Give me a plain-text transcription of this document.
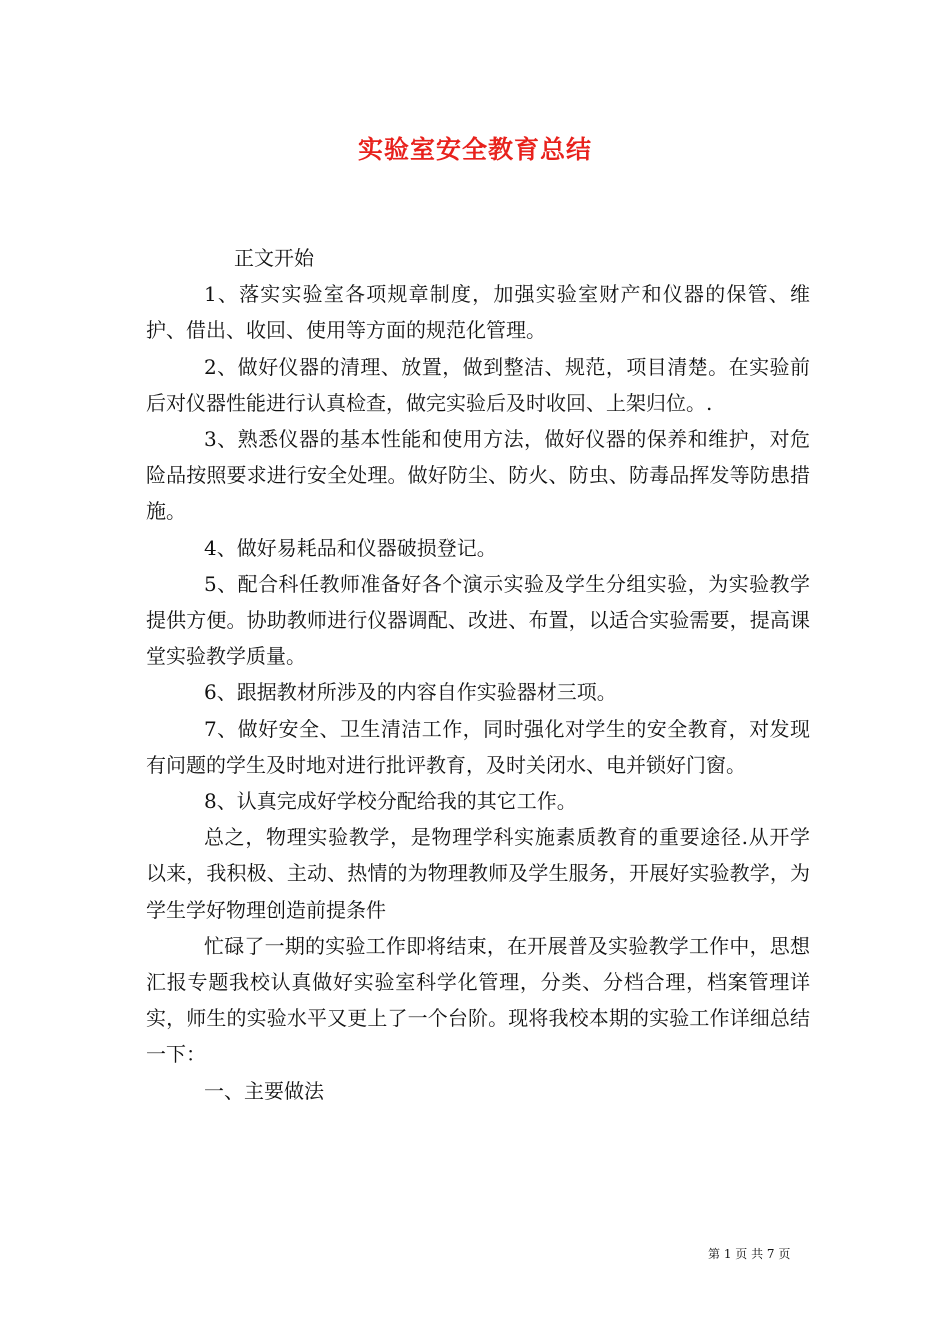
实验室安全教育总结

正文开始

1、落实实验室各项规章制度，加强实验室财产和仪器的保管、维护、借出、收回、使用等方面的规范化管理。

2、做好仪器的清理、放置，做到整洁、规范，项目清楚。在实验前后对仪器性能进行认真检查，做完实验后及时收回、上架归位。.

3、熟悉仪器的基本性能和使用方法，做好仪器的保养和维护，对危险品按照要求进行安全处理。做好防尘、防火、防虫、防毒品挥发等防患措施。

4、做好易耗品和仪器破损登记。

5、配合科任教师准备好各个演示实验及学生分组实验，为实验教学提供方便。协助教师进行仪器调配、改进、布置，以适合实验需要，提高课堂实验教学质量。

6、跟据教材所涉及的内容自作实验器材三项。

7、做好安全、卫生清洁工作，同时强化对学生的安全教育，对发现有问题的学生及时地对进行批评教育，及时关闭水、电并锁好门窗。

8、认真完成好学校分配给我的其它工作。

总之，物理实验教学，是物理学科实施素质教育的重要途径.从开学以来，我积极、主动、热情的为物理教师及学生服务，开展好实验教学，为学生学好物理创造前提条件

忙碌了一期的实验工作即将结束，在开展普及实验教学工作中，思想汇报专题我校认真做好实验室科学化管理，分类、分档合理，档案管理详实，师生的实验水平又更上了一个台阶。现将我校本期的实验工作详细总结一下：

一、主要做法

第 1 页 共 7 页
